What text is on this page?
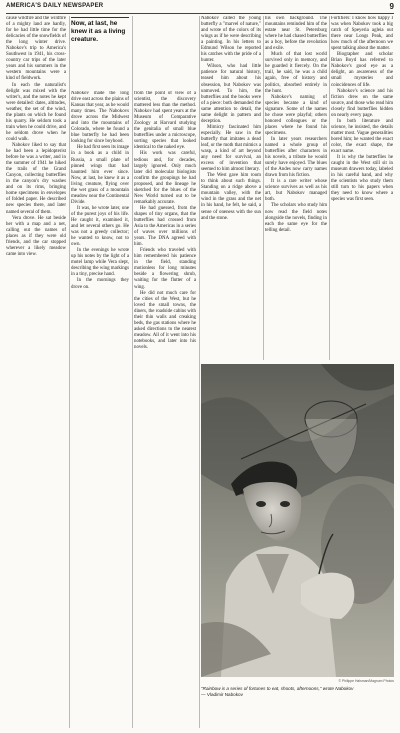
AMERICA'S DAILY NEWSPAPER	9

cause wildfire and the wildfire of a mighty land are hardly, for he had little time for the delicacies of the snowfields of the long winter drive. Nabokov's trip to America's Southwest in 1941, his cross-country car trips of the later years and his summers in the western mountains were a kind of fieldwork.

In each the naturalist's delight was mixed with the writer's, and the notes he kept were detailed: dates, altitudes, weather, the set of the wind, the plants on which he found his quarry. He seldom took a train when he could drive, and he seldom drove when he could walk.

Nabokov liked to say that he had been a lepidopterist before he was a writer, and in the summer of 1941 he hiked the trails of the Grand Canyon, collecting butterflies in the canyon's dry washes and on its rims, bringing home specimens in envelopes of folded paper. He described new species there, and later named several of them.

Vera drove. He sat beside her with a map and a net, calling out the names of places as if they were old friends, and the car stopped wherever a likely meadow came into view.

Now, at last, he knew it as a living creature.

Nabokov made the long drive east across the plains of Kansas that year, as he would many times. The Nabokovs drove across the Midwest and into the mountains of Colorado, where he found a blue butterfly he had been looking for since boyhood.

He had first seen its image in a book as a child in Russia, a small plate of pinned wings that had haunted him ever since. Now, at last, he knew it as a living creature, flying over the wet grass of a mountain meadow near the Continental Divide.

It was, he wrote later, one of the purest joys of his life. He caught it, examined it, and let several others go. He was not a greedy collector; he wanted to know, not to own.

In the evenings he wrote up his notes by the light of a motel lamp while Vera slept, describing the wing markings in a tiny, precise hand.

In the mornings they drove on.

from the point of view of a scientist, the discovery mattered less than the method. Nabokov had spent years at the Museum of Comparative Zoology at Harvard studying the genitalia of small blue butterflies under a microscope, sorting species that looked identical to the naked eye.

His work was careful, tedious and, for decades, largely ignored. Only much later did molecular biologists confirm the groupings he had proposed, and the lineage he sketched for the blues of the New World turned out to be remarkably accurate.

He had guessed, from the shapes of tiny organs, that the butterflies had crossed from Asia to the Americas in a series of waves over millions of years. The DNA agreed with him.

Friends who traveled with him remembered his patience in the field, standing motionless for long minutes beside a flowering shrub, waiting for the flutter of a wing.

He did not much care for the cities of the West, but he loved the small towns, the diners, the roadside cabins with their thin walls and creaking beds, the gas stations where he asked directions to the nearest meadow. All of it went into his notebooks, and later into his novels.

Nabokov called the young butterfly a "marvel of nature," and wrote of the colors of its wings as if he were describing a painting. In his letters to Edmund Wilson he reported his catches with the pride of a hunter.

Wilson, who had little patience for natural history, teased him about his obsession, but Nabokov was unmoved. To him, the butterflies and the books were of a piece: both demanded the same attention to detail, the same delight in pattern and deception.

Mimicry fascinated him especially. He saw in the butterfly that imitates a dead leaf, or the moth that mimics a wasp, a kind of art beyond any need for survival, an excess of invention that seemed to him almost literary.

The West gave him room to think about such things. Standing on a ridge above a mountain valley, with the wind in the grass and the net in his hand, he felt, he said, a sense of oneness with the sun and the stone.

his own background. The mountains reminded him of the estate near St. Petersburg where he had chased butterflies as a boy, before the revolution and exile.

Much of that lost world survived only in memory, and he guarded it fiercely. On the trail, he said, he was a child again, free of history and politics, absorbed entirely in the hunt.

Nabokov's naming of species became a kind of signature. Some of the names he chose were playful; others honored colleagues or the places where he found his specimens.

In later years researchers named a whole group of butterflies after characters in his novels, a tribute he would surely have enjoyed. The blues of the Andes now carry names drawn from his fiction.

It is a rare writer whose science survives as well as his art, but Nabokov managed both.

The scholars who study him now read the field notes alongside the novels, finding in each the same eye for the telling detail.

Fortifiers: I know how happy I was when Nabokov took a big catch of Speyeria agleia out there near Longs Peak, and how much of the afternoon we spent talking about the matter.

Biographer and scholar Brian Boyd has referred to Nabokov's good eye as a delight, an awareness of the small mysteries and coincidences of life.

Nabokov's science and his fiction drew on the same source, and those who read him closely find butterflies hidden on nearly every page.

In both literature and science, he insisted, the details matter most. Vague generalities bored him; he wanted the exact color, the exact shape, the exact name.

It is why the butterflies he caught in the West still sit in museum drawers today, labeled in his careful hand, and why the scientists who study them still turn to his papers when they need to know where a species was first seen.

© Philippe Halsman/Magnum Photos
"Rainbow is a series of fortunes to eat, shoots, afternoons," wrote Nabokov
— Vladimir Nabokov
